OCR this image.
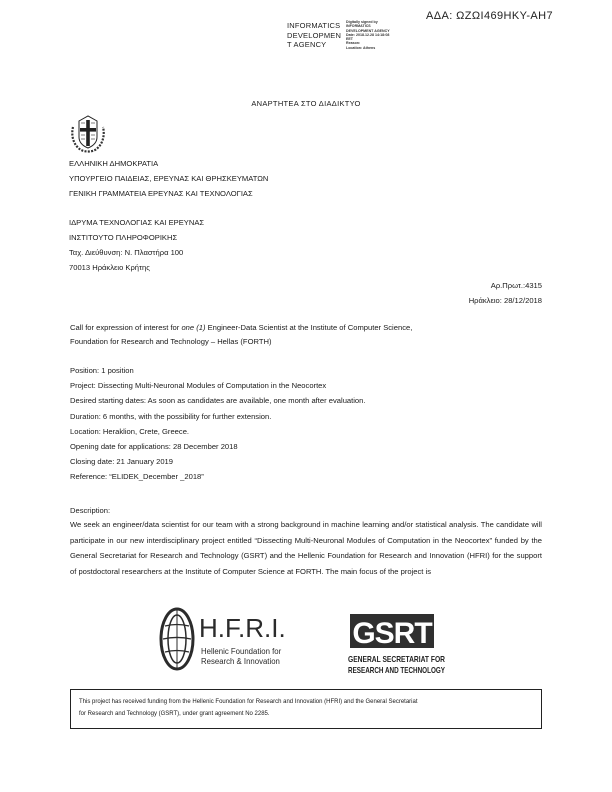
ΑΔΑ: ΩΖΩΙ469ΗΚΥ-ΑΗ7
INFORMATICS
DEVELOPMEN
T AGENCY
Digitally signed by
INFORMATICS
DEVELOPMENT AGENCY
Date: 2018.12.28 14:18:08
EET
Reason:
Location: Athens
ΑΝΑΡΤΗΤΕΑ ΣΤΟ ΔΙΑΔΙΚΤΥΟ
ΕΛΛΗΝΙΚΗ ΔΗΜΟΚΡΑΤΙΑ
ΥΠΟΥΡΓΕΙΟ ΠΑΙΔΕΙΑΣ, ΕΡΕΥΝΑΣ ΚΑΙ ΘΡΗΣΚΕΥΜΑΤΩΝ
ΓΕΝΙΚΗ ΓΡΑΜΜΑΤΕΙΑ ΕΡΕΥΝΑΣ ΚΑΙ ΤΕΧΝΟΛΟΓΙΑΣ
ΙΔΡΥΜΑ ΤΕΧΝΟΛΟΓΙΑΣ ΚΑΙ ΕΡΕΥΝΑΣ
ΙΝΣΤΙΤΟΥΤΟ ΠΛΗΡΟΦΟΡΙΚΗΣ
Ταχ. Διεύθυνση: Ν. Πλαστήρα 100
70013 Ηράκλειο Κρήτης
Αρ.Πρωτ.:4315
Ηράκλειο: 28/12/2018
Call for expression of interest for one (1) Engineer-Data Scientist at the Institute of Computer Science,
Foundation for Research and Technology – Hellas (FORTH)
Position: 1 position
Project: Dissecting Multi-Neuronal Modules of Computation in the Neocortex
Desired starting dates: As soon as candidates are available, one month after evaluation.
Duration: 6 months, with the possibility for further extension.
Location: Heraklion, Crete, Greece.
Opening date for applications: 28 December 2018
Closing date: 21 January 2019
Reference: “ELIDEK_December _2018”
Description:
We seek an engineer/data scientist for our team with a strong background in machine learning and/or statistical analysis. The candidate will participate in our new interdisciplinary project entitled “Dissecting Multi-Neuronal Modules of Computation in the Neocortex” funded by the General Secretariat for Research and Technology (GSRT) and the Hellenic Foundation for Research and Innovation (HFRI) for the support of postdoctoral researchers at the Institute of Computer Science at FORTH. The main focus of the project is
H.F.R.I.
Hellenic Foundation for
Research & Innovation
GSRT
GENERAL SECRETARIAT FOR
RESEARCH AND TECHNOLOGY
This project has received funding from the Hellenic Foundation for Research and Innovation (HFRI) and the General Secretariat
for Research and Technology (GSRT), under grant agreement No 2285.
